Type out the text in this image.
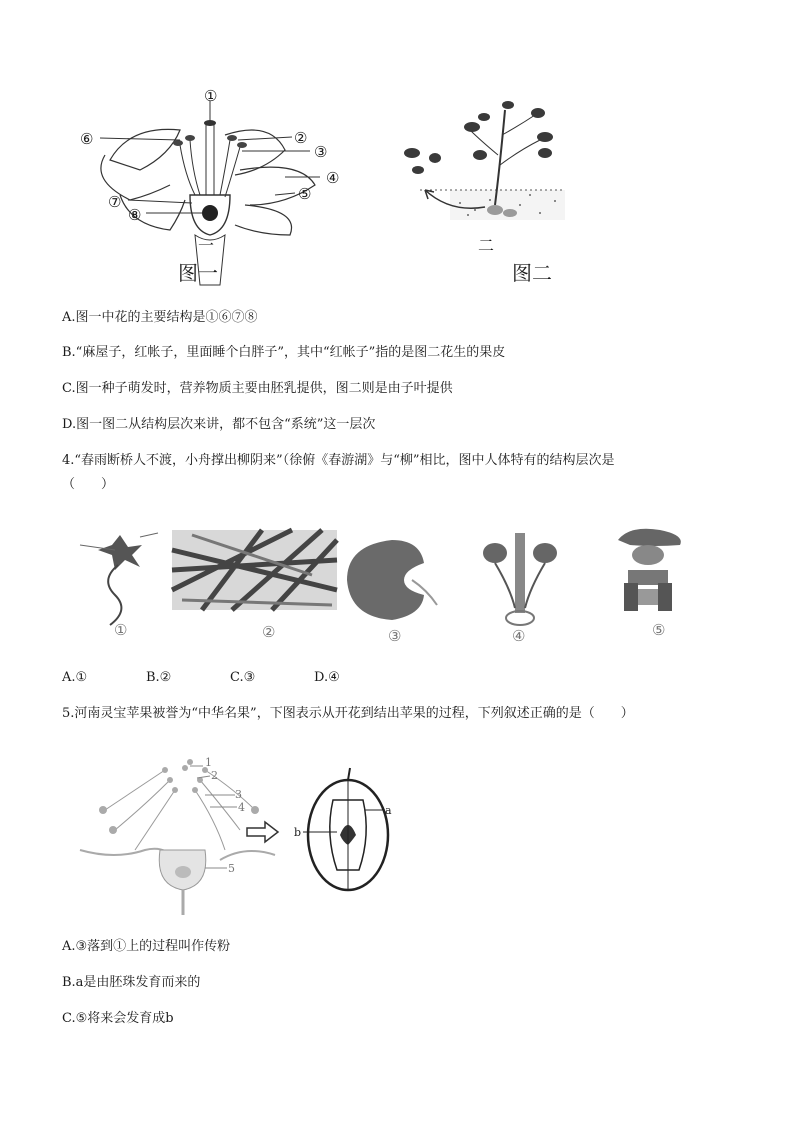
①
②
③
④
⑤
⑥
⑦
⑧
一
图一
二
图二
A.图一中花的主要结构是①⑥⑦⑧
B.“麻屋子，红帐子，里面睡个白胖子”，其中“红帐子”指的是图二花生的果皮
C.图一种子萌发时，营养物质主要由胚乳提供，图二则是由子叶提供
D.图一图二从结构层次来讲，都不包含“系统”这一层次
4.“春雨断桥人不渡，小舟撑出柳阴来”（徐俯《春游湖》与“柳”相比，图中人体特有的结构层次是
（　　）
①	②	③	④	⑤
A.①	B.②	C.③	D.④
5.河南灵宝苹果被誉为“中华名果”，下图表示从开花到结出苹果的过程，下列叙述正确的是（　　）
1
2
3
4
5
a
b
A.③落到①上的过程叫作传粉
B.a是由胚珠发育而来的
C.⑤将来会发育成b
